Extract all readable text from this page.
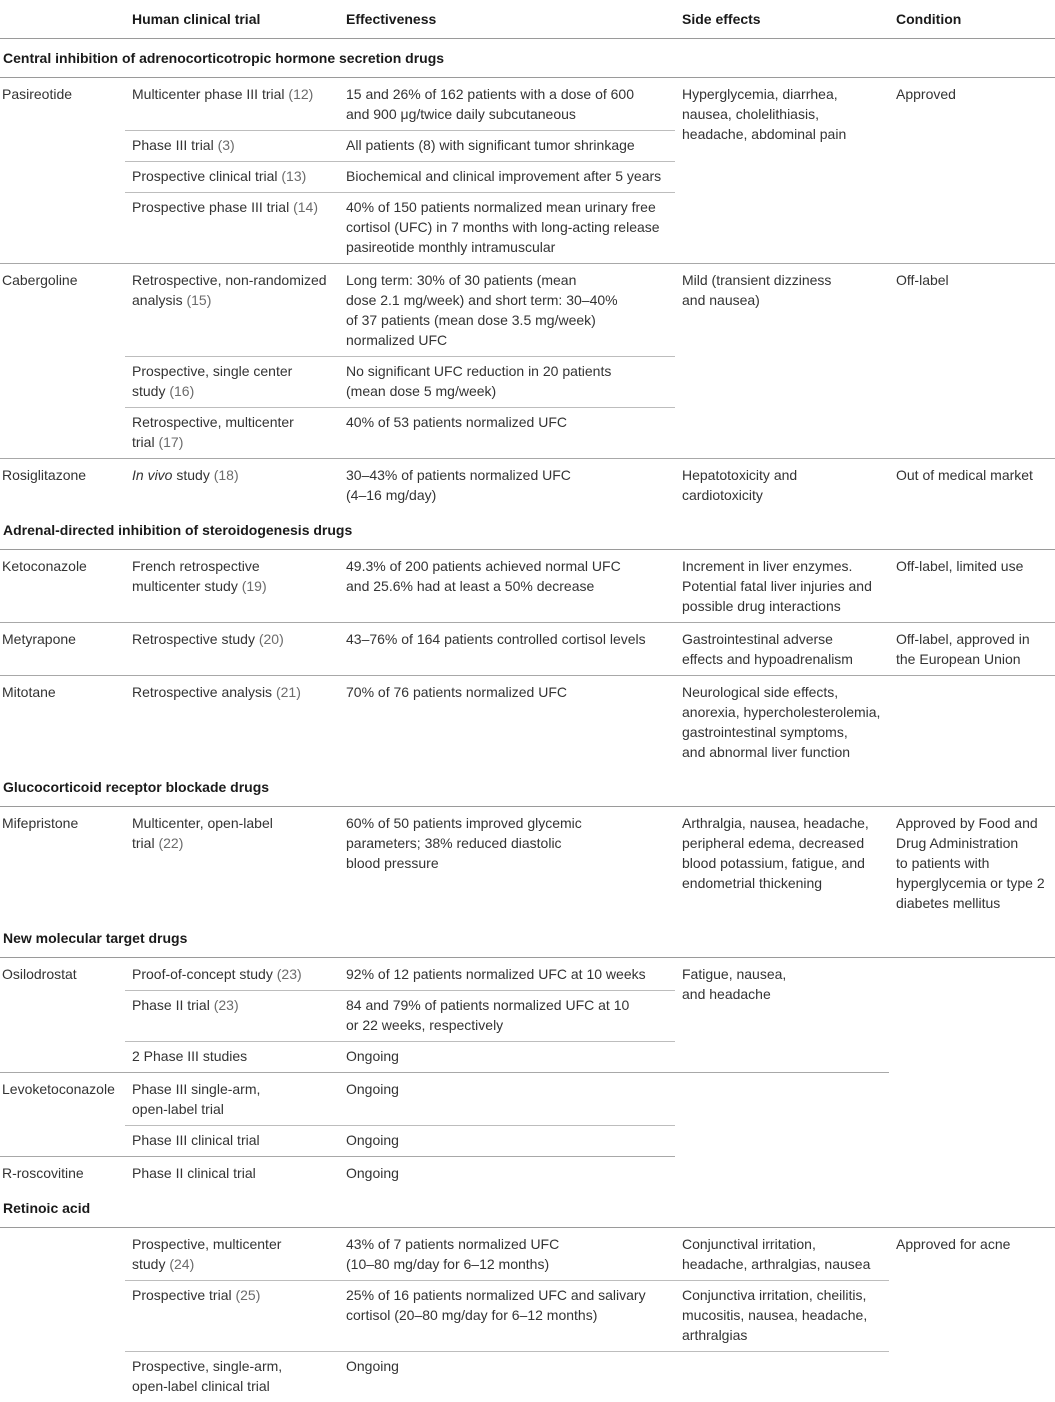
	Human clinical trial	Effectiveness	Side effects	Condition
Central inhibition of adrenocorticotropic hormone secretion drugs				
Pasireotide	Multicenter phase III trial (12)	15 and 26% of 162 patients with a dose of 600
and 900 μg/twice daily subcutaneous	Hyperglycemia, diarrhea,
nausea, cholelithiasis,
headache, abdominal pain	Approved
	Phase III trial (3)	All patients (8) with significant tumor shrinkage		
	Prospective clinical trial (13)	Biochemical and clinical improvement after 5 years		
	Prospective phase III trial (14)	40% of 150 patients normalized mean urinary free
cortisol (UFC) in 7 months with long-acting release
pasireotide monthly intramuscular		

Cabergoline	Retrospective, non-randomized
analysis (15)	Long term: 30% of 30 patients (mean
dose 2.1 mg/week) and short term: 30–40%
of 37 patients (mean dose 3.5 mg/week)
normalized UFC	Mild (transient dizziness
and nausea)	Off-label

	Prospective, single center
study (16)	No significant UFC reduction in 20 patients
(mean dose 5 mg/week)		

	Retrospective, multicenter
trial (17)	40% of 53 patients normalized UFC		
Rosiglitazone	In vivo study (18)	30–43% of patients normalized UFC
(4–16 mg/day)	Hepatotoxicity and
cardiotoxicity	Out of medical market
Adrenal-directed inhibition of steroidogenesis drugs				
Ketoconazole	French retrospective
multicenter study (19)	49.3% of 200 patients achieved normal UFC
and 25.6% had at least a 50% decrease	Increment in liver enzymes.
Potential fatal liver injuries and
possible drug interactions	Off-label, limited use
Metyrapone	Retrospective study (20)	43–76% of 164 patients controlled cortisol levels	Gastrointestinal adverse
effects and hypoadrenalism	Off-label, approved in
the European Union

Mitotane	Retrospective analysis (21)	70% of 76 patients normalized UFC	Neurological side effects,
anorexia, hypercholesterolemia,
gastrointestinal symptoms,
and abnormal liver function	

Glucocorticoid receptor blockade drugs				
Mifepristone	Multicenter, open-label
trial (22)	60% of 50 patients improved glycemic
parameters; 38% reduced diastolic
blood pressure	Arthralgia, nausea, headache,
peripheral edema, decreased
blood potassium, fatigue, and
endometrial thickening	Approved by Food and
Drug Administration
to patients with
hyperglycemia or type 2
diabetes mellitus

New molecular target drugs				
Osilodrostat	Proof-of-concept study (23)	92% of 12 patients normalized UFC at 10 weeks	Fatigue, nausea,
and headache	

	Phase II trial (23)	84 and 79% of patients normalized UFC at 10
or 22 weeks, respectively		

	2 Phase III studies	Ongoing		
Levoketoconazole	Phase III single-arm,
open-label trial	Ongoing		
	Phase III clinical trial	Ongoing		
R-roscovitine	Phase II clinical trial	Ongoing		
Retinoic acid				

	Prospective, multicenter
study (24)	43% of 7 patients normalized UFC
(10–80 mg/day for 6–12 months)	Conjunctival irritation,
headache, arthralgias, nausea	Approved for acne
	Prospective trial (25)	25% of 16 patients normalized UFC and salivary
cortisol (20–80 mg/day for 6–12 months)	Conjunctiva irritation, cheilitis,
mucositis, nausea, headache,
arthralgias	

	Prospective, single-arm,
open-label clinical trial	Ongoing		
